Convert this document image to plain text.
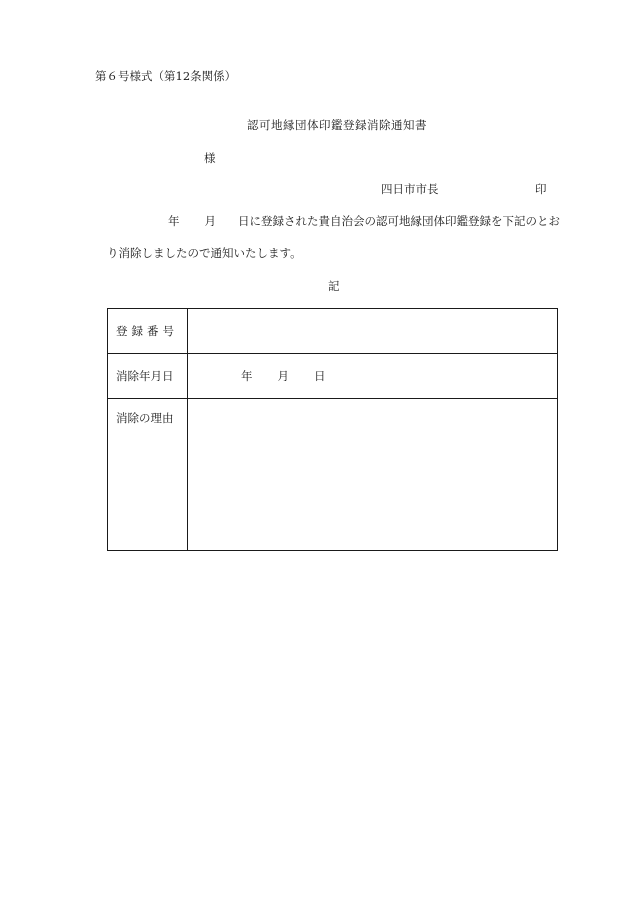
第６号様式（第12条関係）
認可地縁団体印鑑登録消除通知書
様
四日市市長	印
年 月 日に登録された貴自治会の認可地縁団体印鑑登録を下記のとお
り消除しましたので通知いたします。
記
登録番号	
消除年月日	年 月 日
消除の理由	
